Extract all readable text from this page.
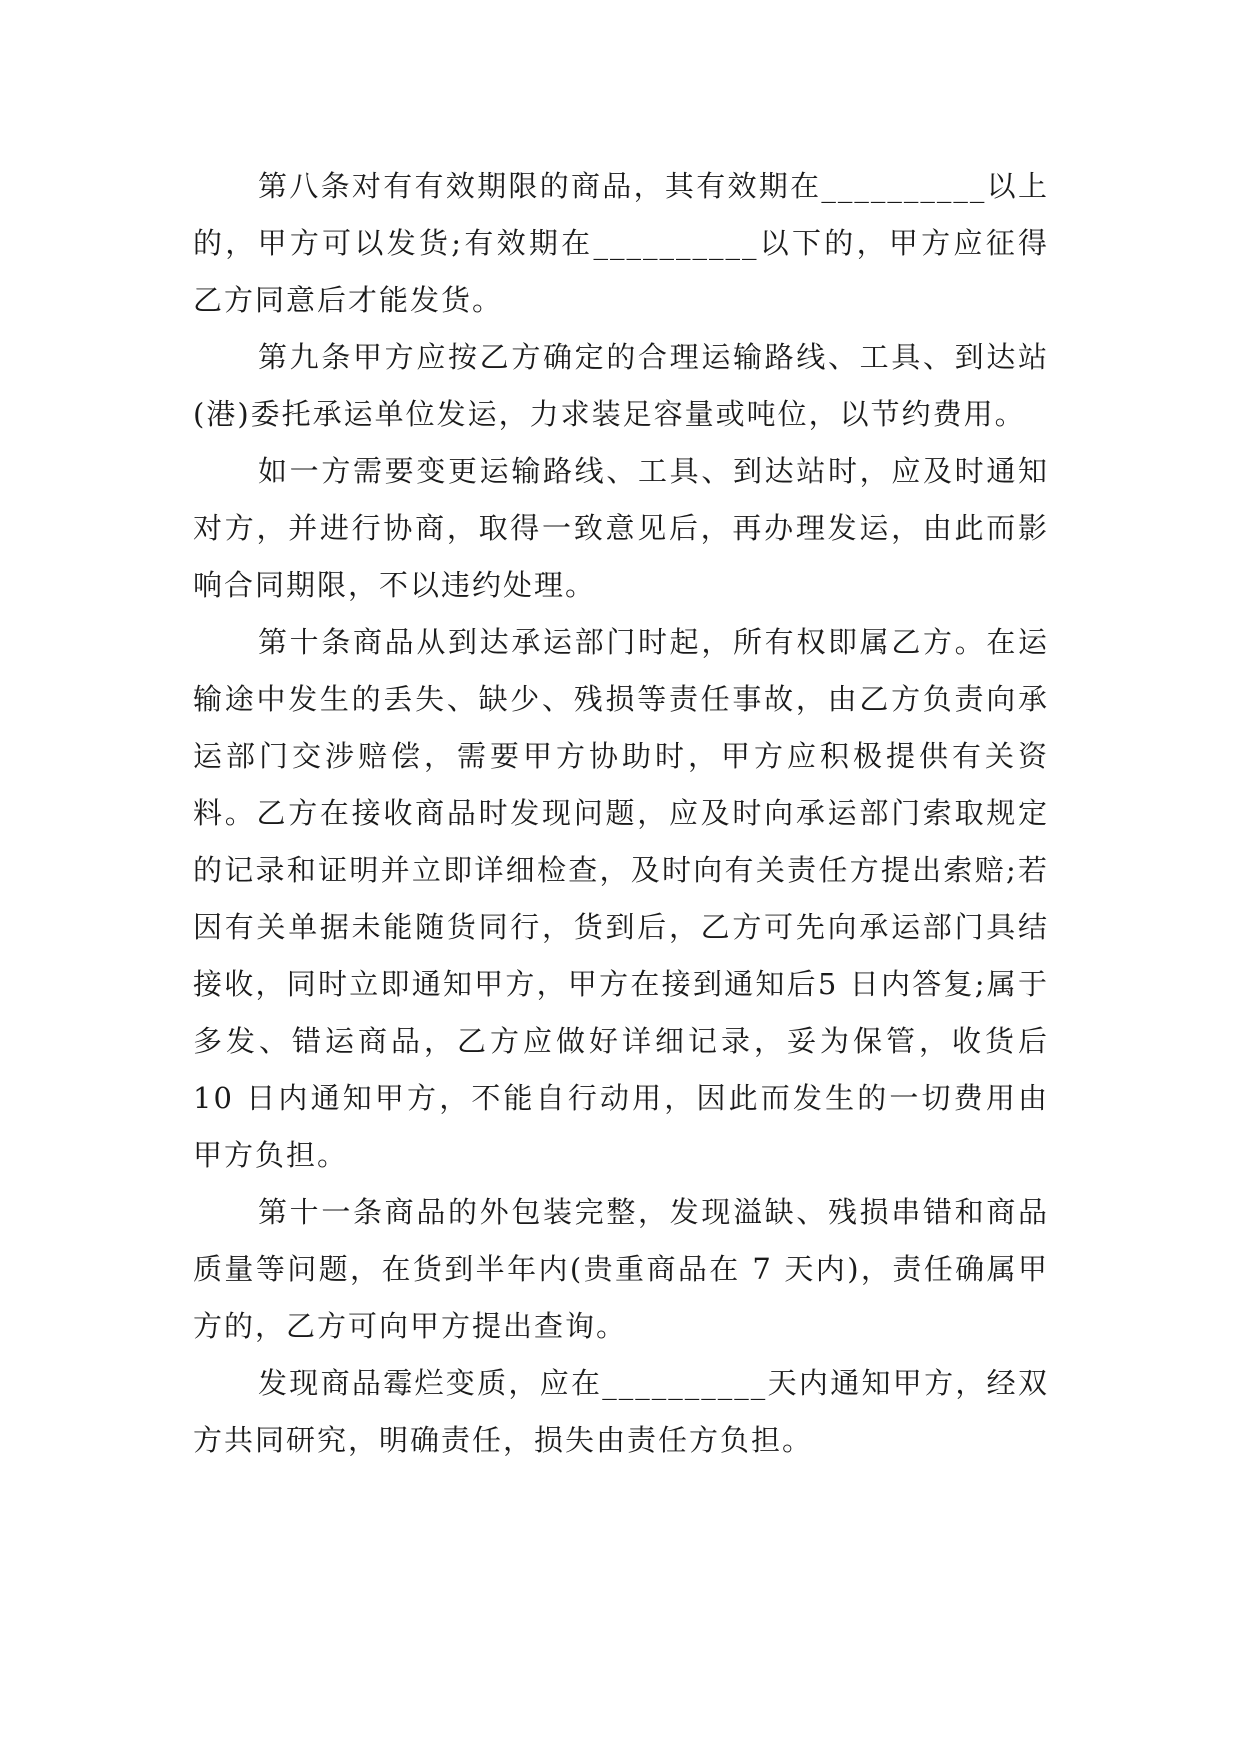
第八条对有有效期限的商品，其有效期在__________以上的，甲方可以发货;有效期在__________以下的，甲方应征得乙方同意后才能发货。

第九条甲方应按乙方确定的合理运输路线、工具、到达站(港)委托承运单位发运，力求装足容量或吨位，以节约费用。

如一方需要变更运输路线、工具、到达站时，应及时通知对方，并进行协商，取得一致意见后，再办理发运，由此而影响合同期限，不以违约处理。

第十条商品从到达承运部门时起，所有权即属乙方。在运输途中发生的丢失、缺少、残损等责任事故，由乙方负责向承运部门交涉赔偿，需要甲方协助时，甲方应积极提供有关资料。乙方在接收商品时发现问题，应及时向承运部门索取规定的记录和证明并立即详细检查，及时向有关责任方提出索赔;若因有关单据未能随货同行，货到后，乙方可先向承运部门具结接收，同时立即通知甲方，甲方在接到通知后5 日内答复;属于多发、错运商品，乙方应做好详细记录，妥为保管，收货后 10 日内通知甲方，不能自行动用，因此而发生的一切费用由甲方负担。

第十一条商品的外包装完整，发现溢缺、残损串错和商品质量等问题，在货到半年内(贵重商品在 7 天内)，责任确属甲方的，乙方可向甲方提出查询。

发现商品霉烂变质，应在__________天内通知甲方，经双方共同研究，明确责任，损失由责任方负担。
